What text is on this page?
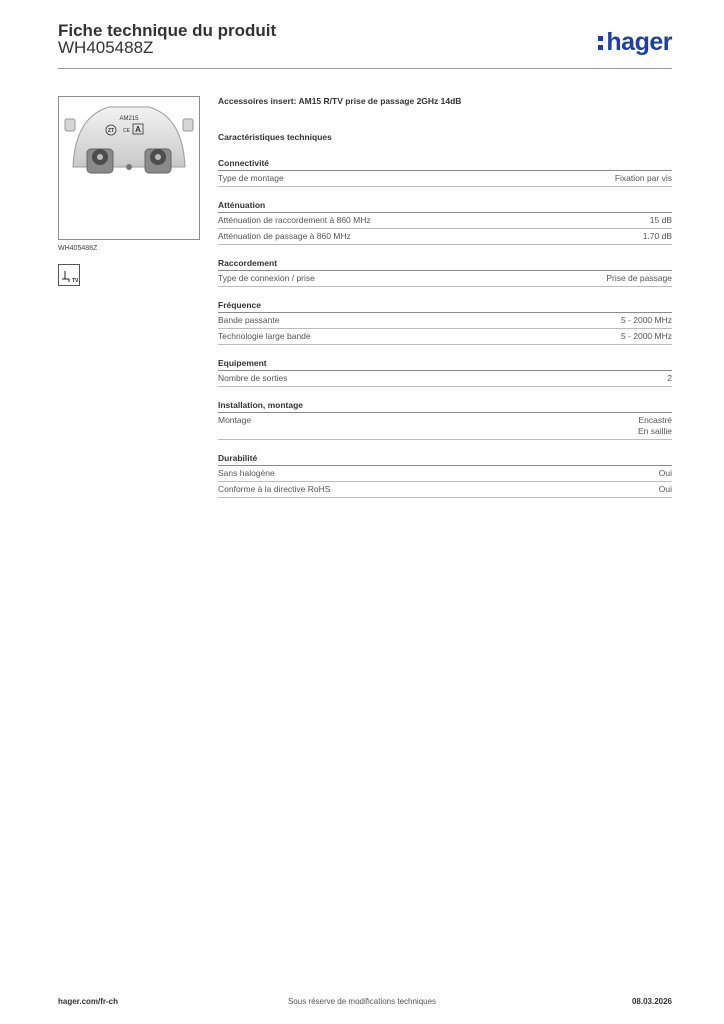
Fiche technique du produit
WH405488Z	hager
AM215
ZT CE A
WH405488Z
TV
Accessoires insert: AM15 R/TV prise de passage 2GHz 14dB
Caractéristiques techniques
Connectivité
Type de montage	Fixation par vis
Atténuation
Atténuation de raccordement à 860 MHz	15 dB
Atténuation de passage à 860 MHz	1.70 dB
Raccordement
Type de connexion / prise	Prise de passage
Fréquence
Bande passante	5 - 2000 MHz
Technologie large bande	5 - 2000 MHz
Equipement
Nombre de sorties	2
Installation, montage
Montage	Encastré
En saillie
Durabilité
Sans halogène	Oui
Conforme à la directive RoHS	Oui
hager.com/fr-ch	Sous réserve de modifications techniques	08.03.2026
